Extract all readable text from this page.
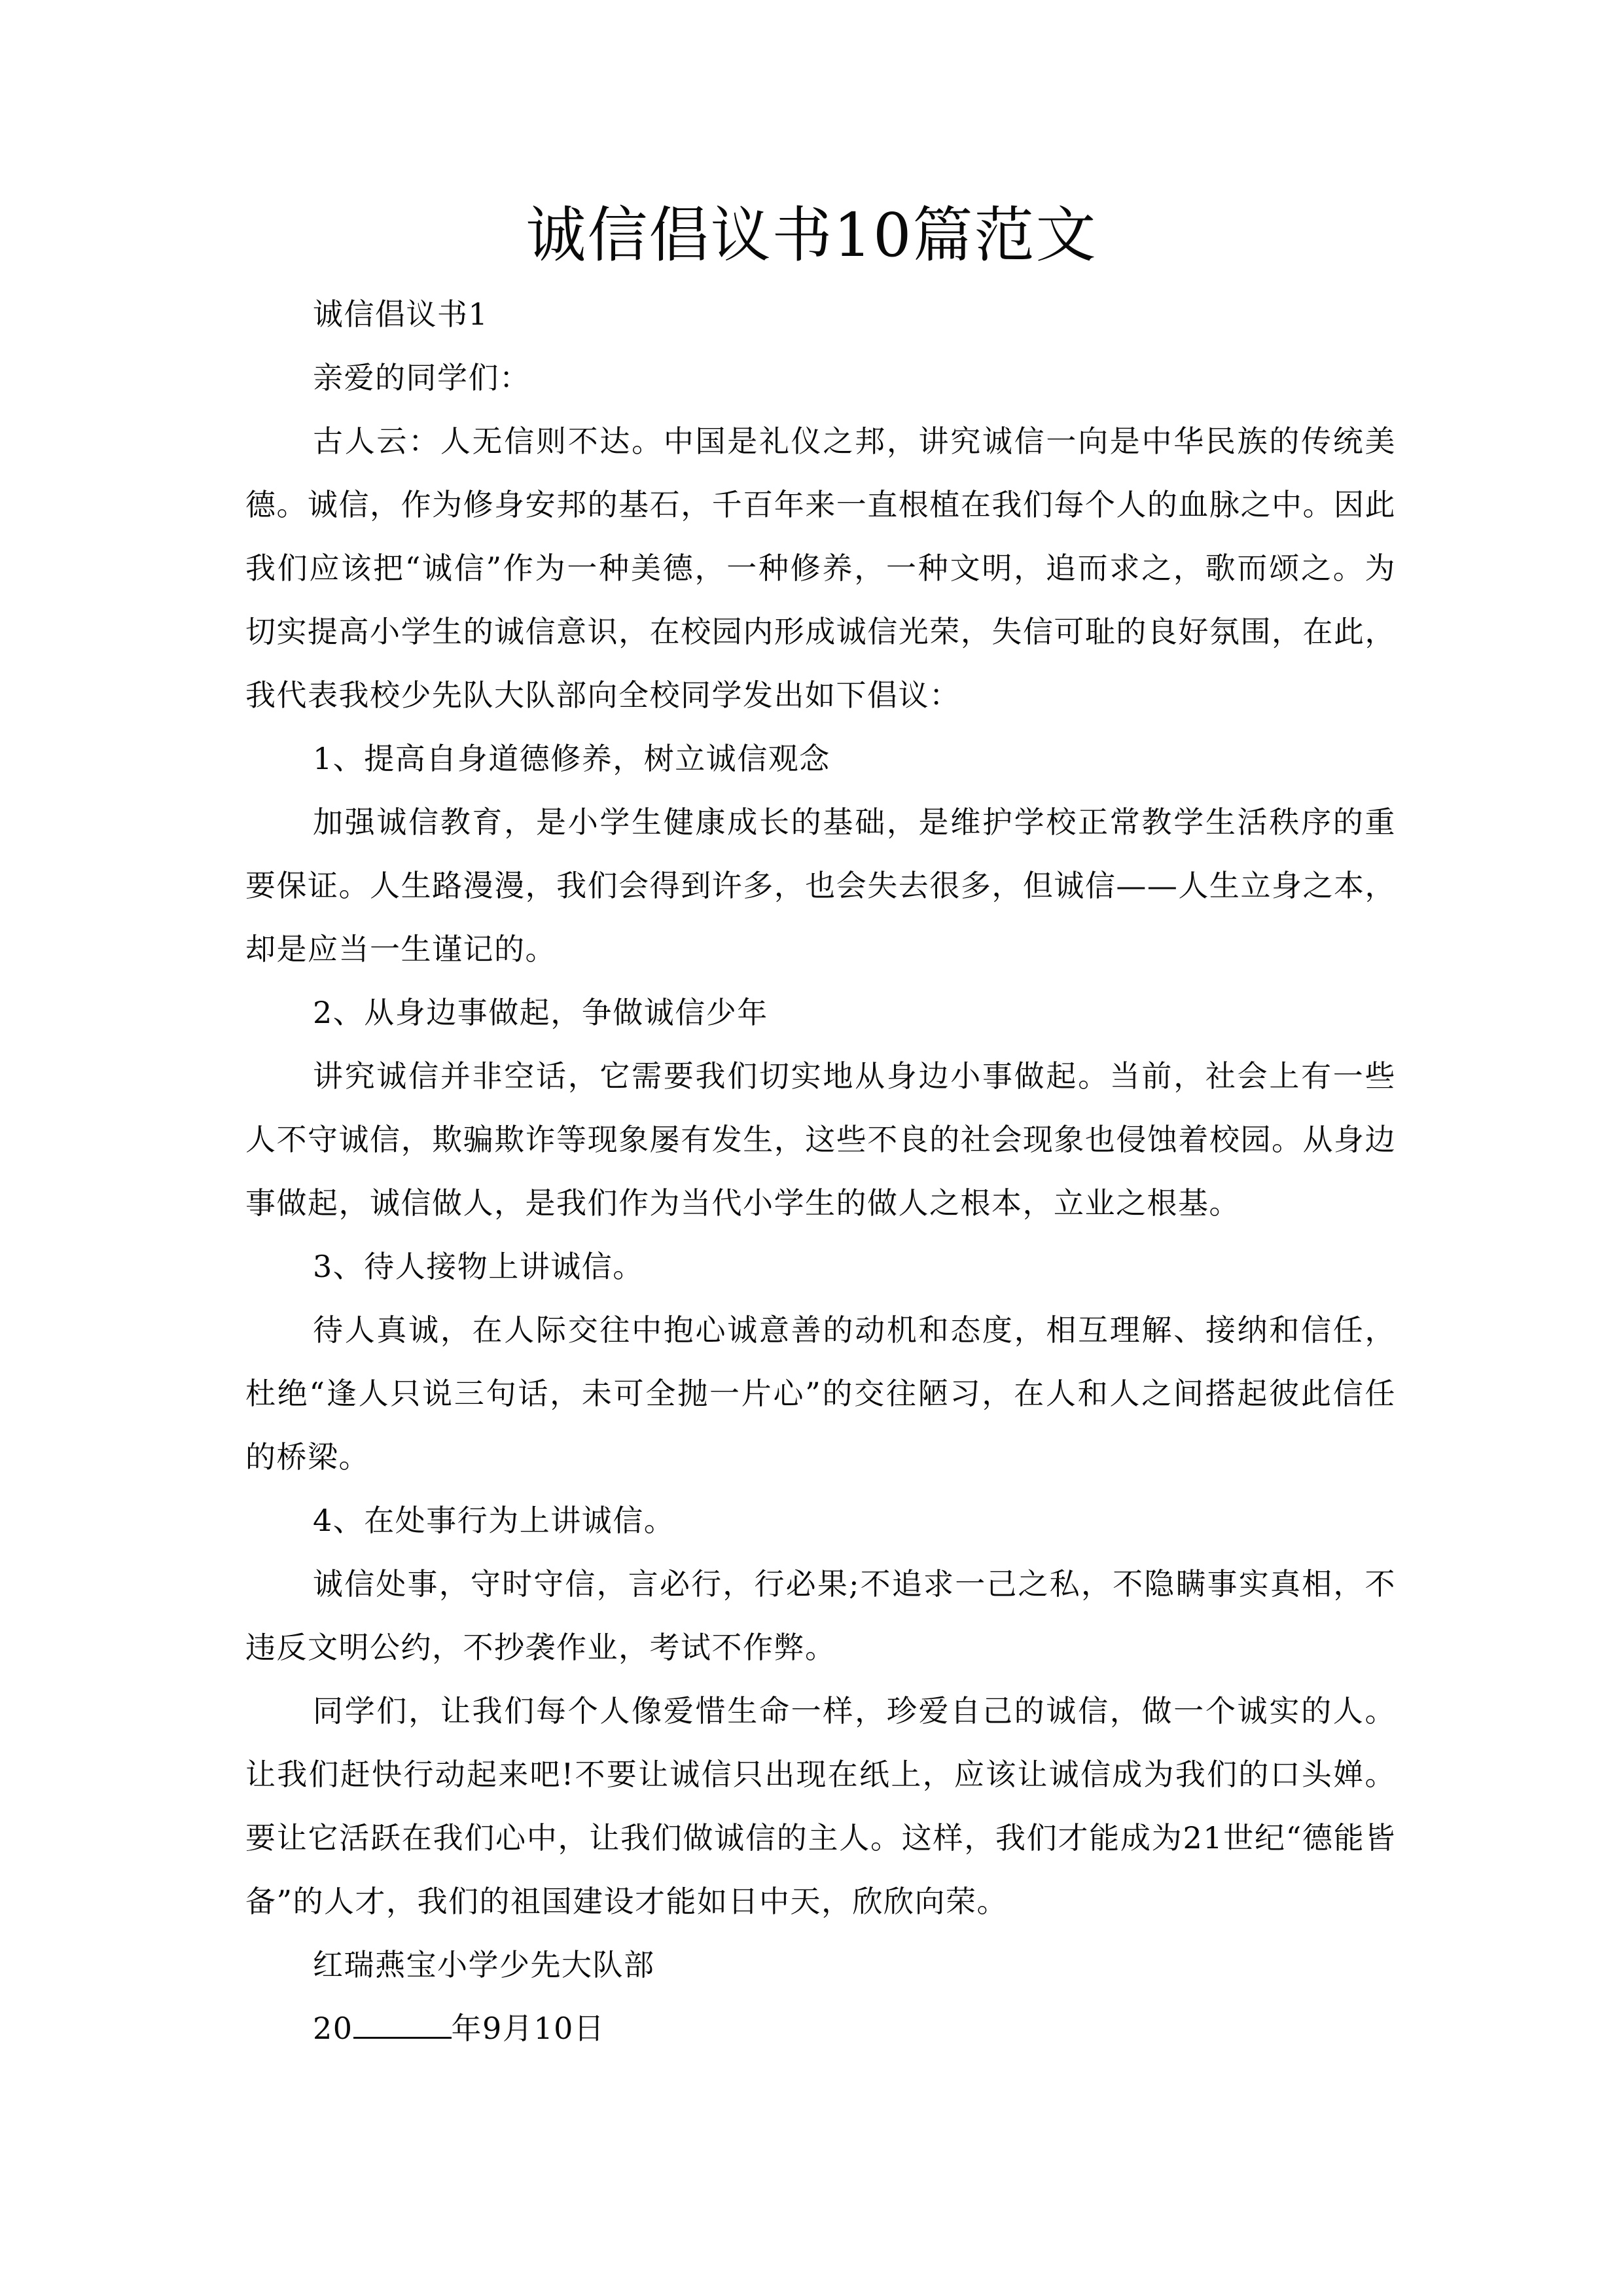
诚信倡议书10篇范文

诚信倡议书1

亲爱的同学们：

古人云：人无信则不达。中国是礼仪之邦，讲究诚信一向是中华民族的传统美德。诚信，作为修身安邦的基石，千百年来一直根植在我们每个人的血脉之中。因此我们应该把“诚信”作为一种美德，一种修养，一种文明，追而求之，歌而颂之。为切实提高小学生的诚信意识，在校园内形成诚信光荣，失信可耻的良好氛围，在此，我代表我校少先队大队部向全校同学发出如下倡议：

1、提高自身道德修养，树立诚信观念

加强诚信教育，是小学生健康成长的基础，是维护学校正常教学生活秩序的重要保证。人生路漫漫，我们会得到许多，也会失去很多，但诚信——人生立身之本，却是应当一生谨记的。

2、从身边事做起，争做诚信少年

讲究诚信并非空话，它需要我们切实地从身边小事做起。当前，社会上有一些人不守诚信，欺骗欺诈等现象屡有发生，这些不良的社会现象也侵蚀着校园。从身边事做起，诚信做人，是我们作为当代小学生的做人之根本，立业之根基。

3、待人接物上讲诚信。

待人真诚，在人际交往中抱心诚意善的动机和态度，相互理解、接纳和信任，杜绝“逢人只说三句话，未可全抛一片心”的交往陋习，在人和人之间搭起彼此信任的桥梁。

4、在处事行为上讲诚信。

诚信处事，守时守信，言必行，行必果;不追求一己之私，不隐瞒事实真相，不违反文明公约，不抄袭作业，考试不作弊。

同学们，让我们每个人像爱惜生命一样，珍爱自己的诚信，做一个诚实的人。让我们赶快行动起来吧!不要让诚信只出现在纸上，应该让诚信成为我们的口头婵。要让它活跃在我们心中，让我们做诚信的主人。这样，我们才能成为21世纪“德能皆备”的人才，我们的祖国建设才能如日中天，欣欣向荣。

红瑞燕宝小学少先大队部

20	年9月10日
